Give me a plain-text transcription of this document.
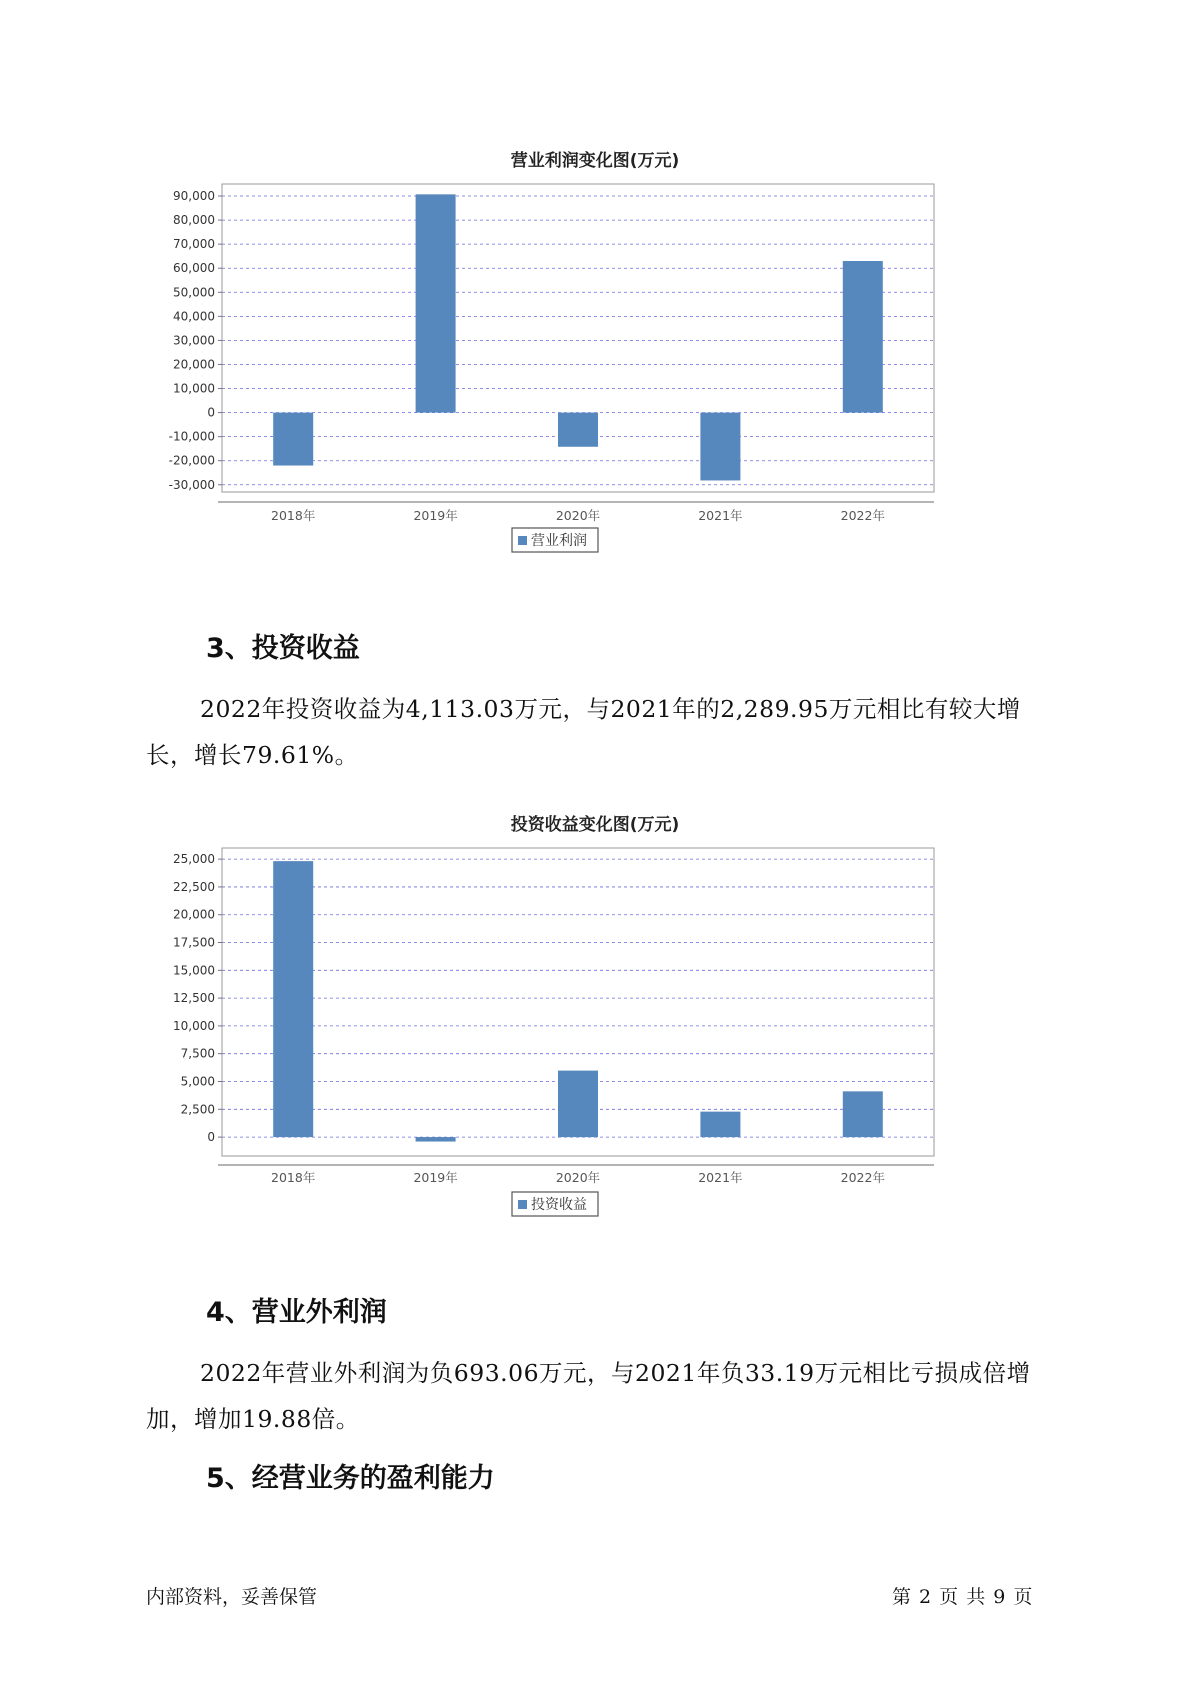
营业利润变化图(万元)
90,000
80,000
70,000
60,000
50,000
40,000
30,000
20,000
10,000
0
-10,000
-20,000
-30,000
2018年	2019年	2020年	2021年	2022年
营业利润
3、投资收益

2022年投资收益为4,113.03万元，与2021年的2,289.95万元相比有较大增长，增长79.61%。

投资收益变化图(万元)
25,000
22,500
20,000
17,500
15,000
12,500
10,000
7,500
5,000
2,500
0
2018年	2019年	2020年	2021年	2022年
投资收益
4、营业外利润

2022年营业外利润为负693.06万元，与2021年负33.19万元相比亏损成倍增加，增加19.88倍。

5、经营业务的盈利能力
内部资料，妥善保管	第 2 页 共 9 页
